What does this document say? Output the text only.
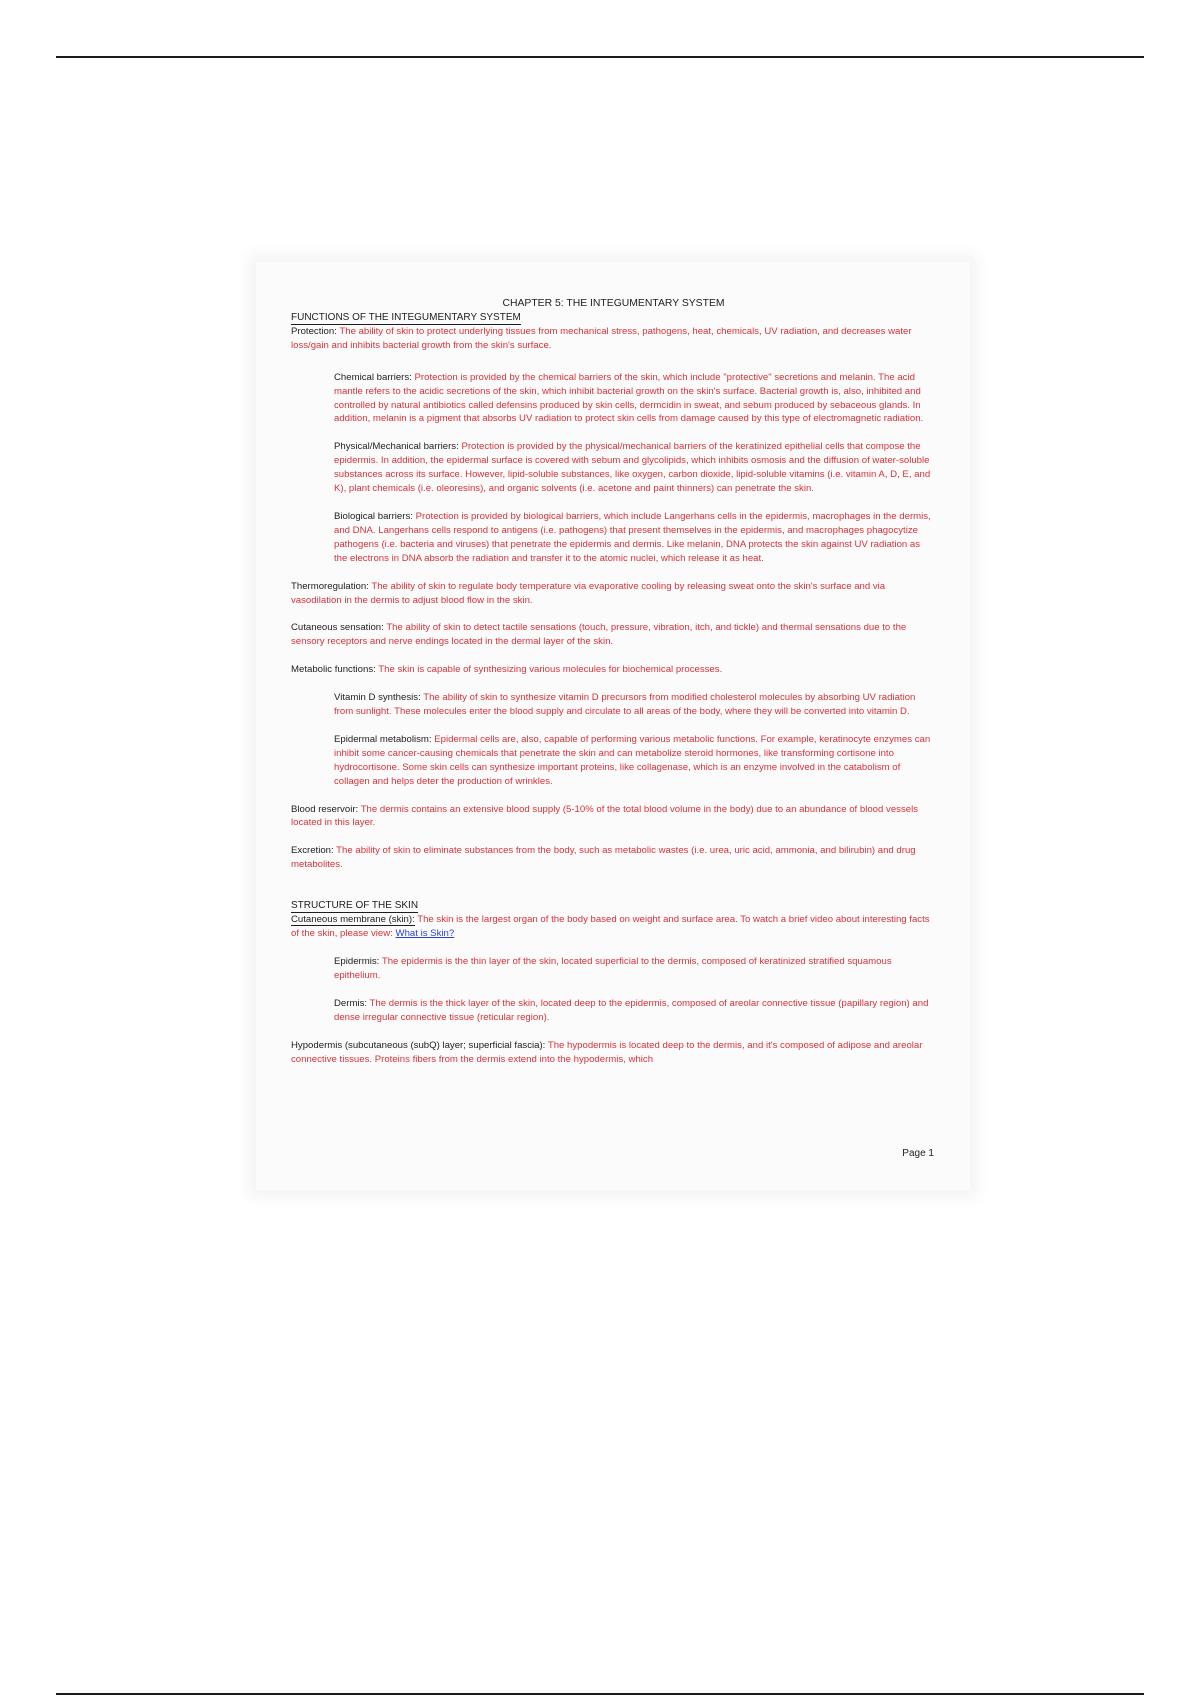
CHAPTER 5: THE INTEGUMENTARY SYSTEM

FUNCTIONS OF THE INTEGUMENTARY SYSTEM

Protection: The ability of skin to protect underlying tissues from mechanical stress, pathogens, heat, chemicals, UV radiation, and decreases water loss/gain and inhibits bacterial growth from the skin's surface.

Chemical barriers: Protection is provided by the chemical barriers of the skin, which include "protective" secretions and melanin. The acid mantle refers to the acidic secretions of the skin, which inhibit bacterial growth on the skin's surface. Bacterial growth is, also, inhibited and controlled by natural antibiotics called defensins produced by skin cells, dermcidin in sweat, and sebum produced by sebaceous glands. In addition, melanin is a pigment that absorbs UV radiation to protect skin cells from damage caused by this type of electromagnetic radiation.

Physical/Mechanical barriers: Protection is provided by the physical/mechanical barriers of the keratinized epithelial cells that compose the epidermis. In addition, the epidermal surface is covered with sebum and glycolipids, which inhibits osmosis and the diffusion of water-soluble substances across its surface. However, lipid-soluble substances, like oxygen, carbon dioxide, lipid-soluble vitamins (i.e. vitamin A, D, E, and K), plant chemicals (i.e. oleoresins), and organic solvents (i.e. acetone and paint thinners) can penetrate the skin.

Biological barriers: Protection is provided by biological barriers, which include Langerhans cells in the epidermis, macrophages in the dermis, and DNA. Langerhans cells respond to antigens (i.e. pathogens) that present themselves in the epidermis, and macrophages phagocytize pathogens (i.e. bacteria and viruses) that penetrate the epidermis and dermis. Like melanin, DNA protects the skin against UV radiation as the electrons in DNA absorb the radiation and transfer it to the atomic nuclei, which release it as heat.

Thermoregulation: The ability of skin to regulate body temperature via evaporative cooling by releasing sweat onto the skin's surface and via vasodilation in the dermis to adjust blood flow in the skin.

Cutaneous sensation: The ability of skin to detect tactile sensations (touch, pressure, vibration, itch, and tickle) and thermal sensations due to the sensory receptors and nerve endings located in the dermal layer of the skin.

Metabolic functions: The skin is capable of synthesizing various molecules for biochemical processes.

Vitamin D synthesis: The ability of skin to synthesize vitamin D precursors from modified cholesterol molecules by absorbing UV radiation from sunlight. These molecules enter the blood supply and circulate to all areas of the body, where they will be converted into vitamin D.

Epidermal metabolism: Epidermal cells are, also, capable of performing various metabolic functions. For example, keratinocyte enzymes can inhibit some cancer-causing chemicals that penetrate the skin and can metabolize steroid hormones, like transforming cortisone into hydrocortisone. Some skin cells can synthesize important proteins, like collagenase, which is an enzyme involved in the catabolism of collagen and helps deter the production of wrinkles.

Blood reservoir: The dermis contains an extensive blood supply (5-10% of the total blood volume in the body) due to an abundance of blood vessels located in this layer.

Excretion: The ability of skin to eliminate substances from the body, such as metabolic wastes (i.e. urea, uric acid, ammonia, and bilirubin) and drug metabolites.

STRUCTURE OF THE SKIN

Cutaneous membrane (skin): The skin is the largest organ of the body based on weight and surface area. To watch a brief video about interesting facts of the skin, please view: What is Skin?

Epidermis: The epidermis is the thin layer of the skin, located superficial to the dermis, composed of keratinized stratified squamous epithelium.

Dermis: The dermis is the thick layer of the skin, located deep to the epidermis, composed of areolar connective tissue (papillary region) and dense irregular connective tissue (reticular region).

Hypodermis (subcutaneous (subQ) layer; superficial fascia): The hypodermis is located deep to the dermis, and it's composed of adipose and areolar connective tissues. Proteins fibers from the dermis extend into the hypodermis, which

Page 1
